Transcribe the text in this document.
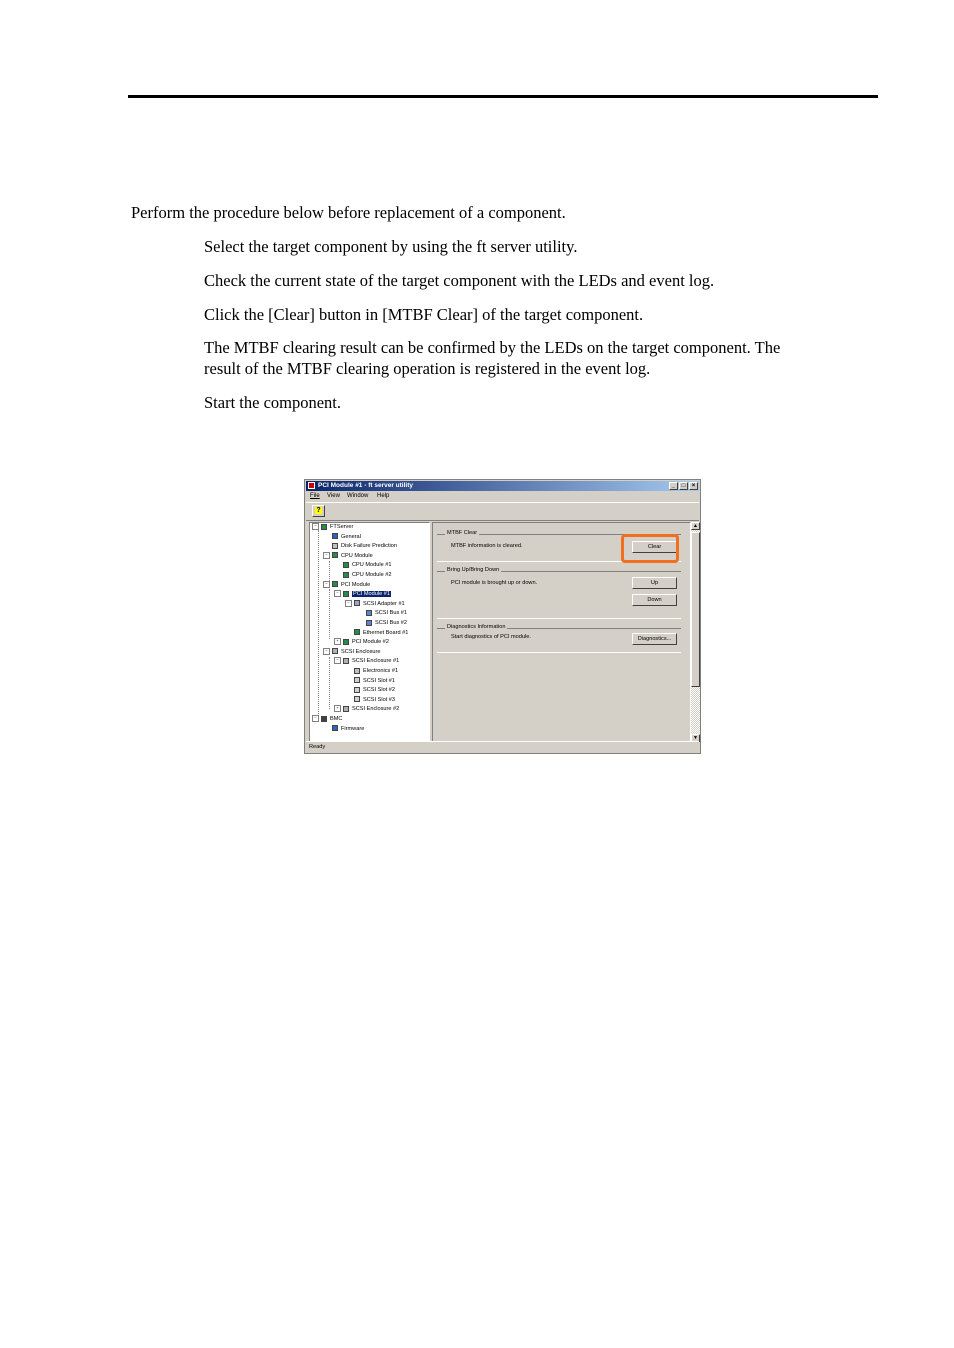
Perform the procedure below before replacement of a component.

Select the target component by using the ft server utility.

Check the current state of the target component with the LEDs and event log.

Click the [Clear] button in [MTBF Clear] of the target component.

The MTBF clearing result can be confirmed by the LEDs on the target component. The

result of the MTBF clearing operation is registered in the event log.

Start the component.

PCI Module #1 - ft server utility	_	□	×
File View Window Help
?
− FTServer
General
Disk Failure Prediction
− CPU Module
CPU Module #1
CPU Module #2
− PCI Module
−	PCI Module #1
− SCSI Adapter #1
SCSI Bus #1
SCSI Bus #2
Ethernet Board #1
+ PCI Module #2
− SCSI Enclosure
− SCSI Enclosure #1
Electronics #1
SCSI Slot #1
SCSI Slot #2
SCSI Slot #3
+ SCSI Enclosure #2
− BMC
Firmware
MTBF Clear
MTBF information is cleared.	Clear
Bring Up/Bring Down
PCI module is brought up or down.	Up
Down
Diagnostics Information
Start diagnostics of PCI module.	Diagnostics...
▲
▼
Ready
